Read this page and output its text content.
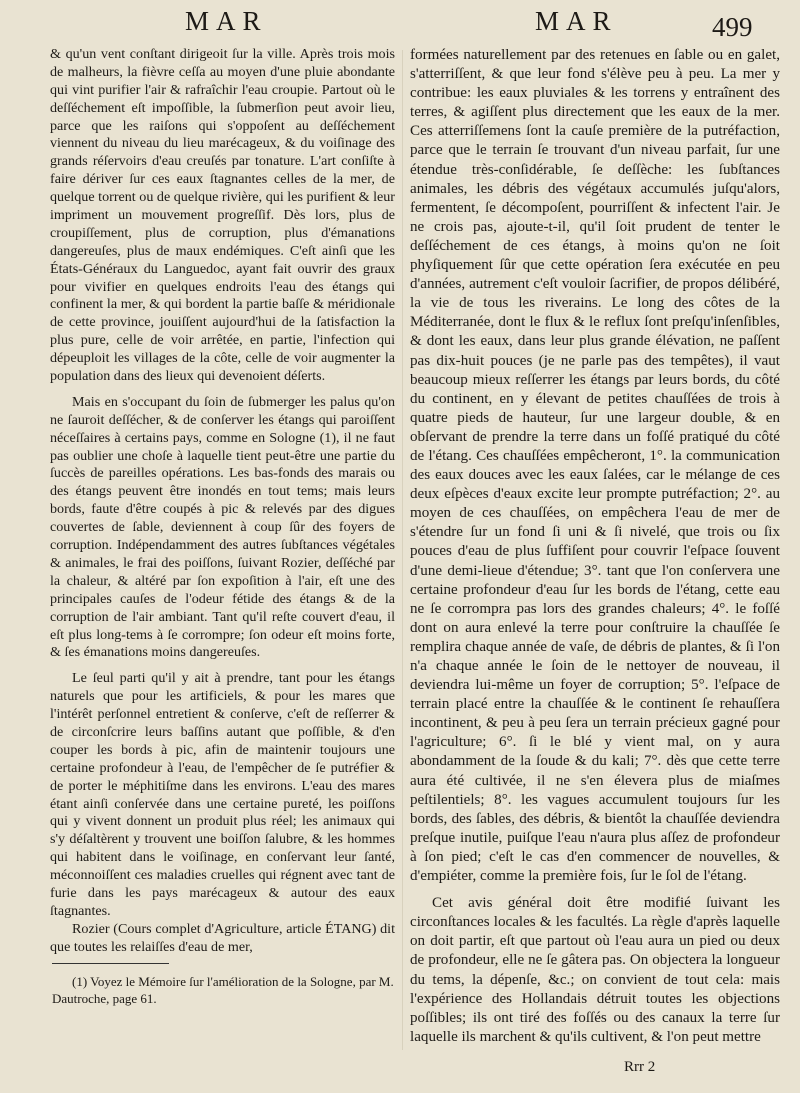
MAR	MAR	499

& qu'un vent conſtant dirigeoit ſur la ville. Après trois mois de malheurs, la fièvre ceſſa au moyen d'une pluie abondante qui vint purifier l'air & rafraîchir l'eau croupie. Partout où le deſſéchement eſt impoſſible, la ſubmerſion peut avoir lieu, parce que les raiſons qui s'oppoſent au deſſéchement viennent du niveau du lieu marécageux, & du voiſinage des grands réſervoirs d'eau creuſés par tonature. L'art conſiſte à faire dériver ſur ces eaux ſtagnantes celles de la mer, de quelque torrent ou de quelque rivière, qui les purifient & leur impriment un mouvement progreſſif. Dès lors, plus de croupiſſement, plus de corruption, plus d'émanations dangereuſes, plus de maux endémiques. C'eſt ainſi que les États-Généraux du Languedoc, ayant fait ouvrir des graux pour vivifier en quelques endroits l'eau des étangs qui confinent la mer, & qui bordent la partie baſſe & méridionale de cette province, jouiſſent aujourd'hui de la ſatisfaction la plus pure, celle de voir arrêtée, en partie, l'infection qui dépeuploit les villages de la côte, celle de voir augmenter la population dans des lieux qui devenoient déſerts.

Mais en s'occupant du ſoin de ſubmerger les palus qu'on ne ſauroit deſſécher, & de conſerver les étangs qui paroiſſent néceſſaires à certains pays, comme en Sologne (1), il ne faut pas oublier une choſe à laquelle tient peut-être une partie du ſuccès de pareilles opérations. Les bas-fonds des marais ou des étangs peuvent être inondés en tout tems; mais leurs bords, faute d'être coupés à pic & relevés par des digues couvertes de ſable, deviennent à coup ſûr des foyers de corruption. Indépendamment des autres ſubſtances végétales & animales, le frai des poiſſons, ſuivant Rozier, deſſéché par la chaleur, & altéré par ſon expoſition à l'air, eſt une des principales cauſes de l'odeur fétide des étangs & de la corruption de l'air ambiant. Tant qu'il reſte couvert d'eau, il eſt plus long-tems à ſe corrompre; ſon odeur eſt moins forte, & ſes émanations moins dangereuſes.

Le ſeul parti qu'il y ait à prendre, tant pour les étangs naturels que pour les artificiels, & pour les mares que l'intérêt perſonnel entretient & conſerve, c'eſt de reſſerrer & de circonſcrire leurs baſſins autant que poſſible, & d'en couper les bords à pic, afin de maintenir toujours une certaine profondeur à l'eau, de l'empêcher de ſe putréfier & de porter le méphitiſme dans les environs. L'eau des mares étant ainſi conſervée dans une certaine pureté, les poiſſons qui y vivent donnent un produit plus réel; les animaux qui s'y déſaltèrent y trouvent une boiſſon ſalubre, & les hommes qui habitent dans le voiſinage, en conſervant leur ſanté, méconnoiſſent ces maladies cruelles qui régnent avec tant de furie dans les pays marécageux & autour des eaux ſtagnantes.

Rozier (Cours complet d'Agriculture, article ÉTANG) dit que toutes les relaiſſes d'eau de mer,

(1) Voyez le Mémoire ſur l'amélioration de la Sologne, par M. Dautroche, page 61.

formées naturellement par des retenues en ſable ou en galet, s'atterriſſent, & que leur fond s'élève peu à peu. La mer y contribue: les eaux pluviales & les torrens y entraînent des terres, & agiſſent plus directement que les eaux de la mer. Ces atterriſſemens ſont la cauſe première de la putréfaction, parce que le terrain ſe trouvant d'un niveau parfait, ſur une étendue très-conſidérable, ſe deſſèche: les ſubſtances animales, les débris des végétaux accumulés juſqu'alors, fermentent, ſe décompoſent, pourriſſent & infectent l'air. Je ne crois pas, ajoute-t-il, qu'il ſoit prudent de tenter le deſſéchement de ces étangs, à moins qu'on ne ſoit phyſiquement ſûr que cette opération ſera exécutée en peu d'années, autrement c'eſt vouloir ſacrifier, de propos délibéré, la vie de tous les riverains. Le long des côtes de la Méditerranée, dont le flux & le reflux ſont preſqu'inſenſibles, & dont les eaux, dans leur plus grande élévation, ne paſſent pas dix-huit pouces (je ne parle pas des tempêtes), il vaut beaucoup mieux reſſerrer les étangs par leurs bords, du côté du continent, en y élevant de petites chauſſées de trois à quatre pieds de hauteur, ſur une largeur double, & en obſervant de prendre la terre dans un foſſé pratiqué du côté de l'étang. Ces chauſſées empêcheront, 1°. la communication des eaux douces avec les eaux ſalées, car le mélange de ces deux eſpèces d'eaux excite leur prompte putréfaction; 2°. au moyen de ces chauſſées, on empêchera l'eau de mer de s'étendre ſur un fond ſi uni & ſi nivelé, que trois ou ſix pouces d'eau de plus ſuffiſent pour couvrir l'eſpace ſouvent d'une demi-lieue d'étendue; 3°. tant que l'on conſervera une certaine profondeur d'eau ſur les bords de l'étang, cette eau ne ſe corrompra pas lors des grandes chaleurs; 4°. le foſſé dont on aura enlevé la terre pour conſtruire la chauſſée ſe remplira chaque année de vaſe, de débris de plantes, & ſi l'on n'a chaque année le ſoin de le nettoyer de nouveau, il deviendra lui-même un foyer de corruption; 5°. l'eſpace de terrain placé entre la chauſſée & le continent ſe rehauſſera incontinent, & peu à peu ſera un terrain précieux gagné pour l'agriculture; 6°. ſi le blé y vient mal, on y aura abondamment de la ſoude & du kali; 7°. dès que cette terre aura été cultivée, il ne s'en élevera plus de miaſmes peſtilentiels; 8°. les vagues accumulent toujours ſur les bords, des ſables, des débris, & bientôt la chauſſée deviendra preſque inutile, puiſque l'eau n'aura plus aſſez de profondeur à ſon pied; c'eſt le cas d'en commencer de nouvelles, & d'empiéter, comme la première fois, ſur le ſol de l'étang.

Cet avis général doit être modifié ſuivant les circonſtances locales & les facultés. La règle d'après laquelle on doit partir, eſt que partout où l'eau aura un pied ou deux de profondeur, elle ne ſe gâtera pas. On objectera la longueur du tems, la dépenſe, &c.; on convient de tout cela: mais l'expérience des Hollandais détruit toutes les objections poſſibles; ils ont tiré des foſſés ou des canaux la terre ſur laquelle ils marchent & qu'ils cultivent, & l'on peut mettre

Rrr 2
